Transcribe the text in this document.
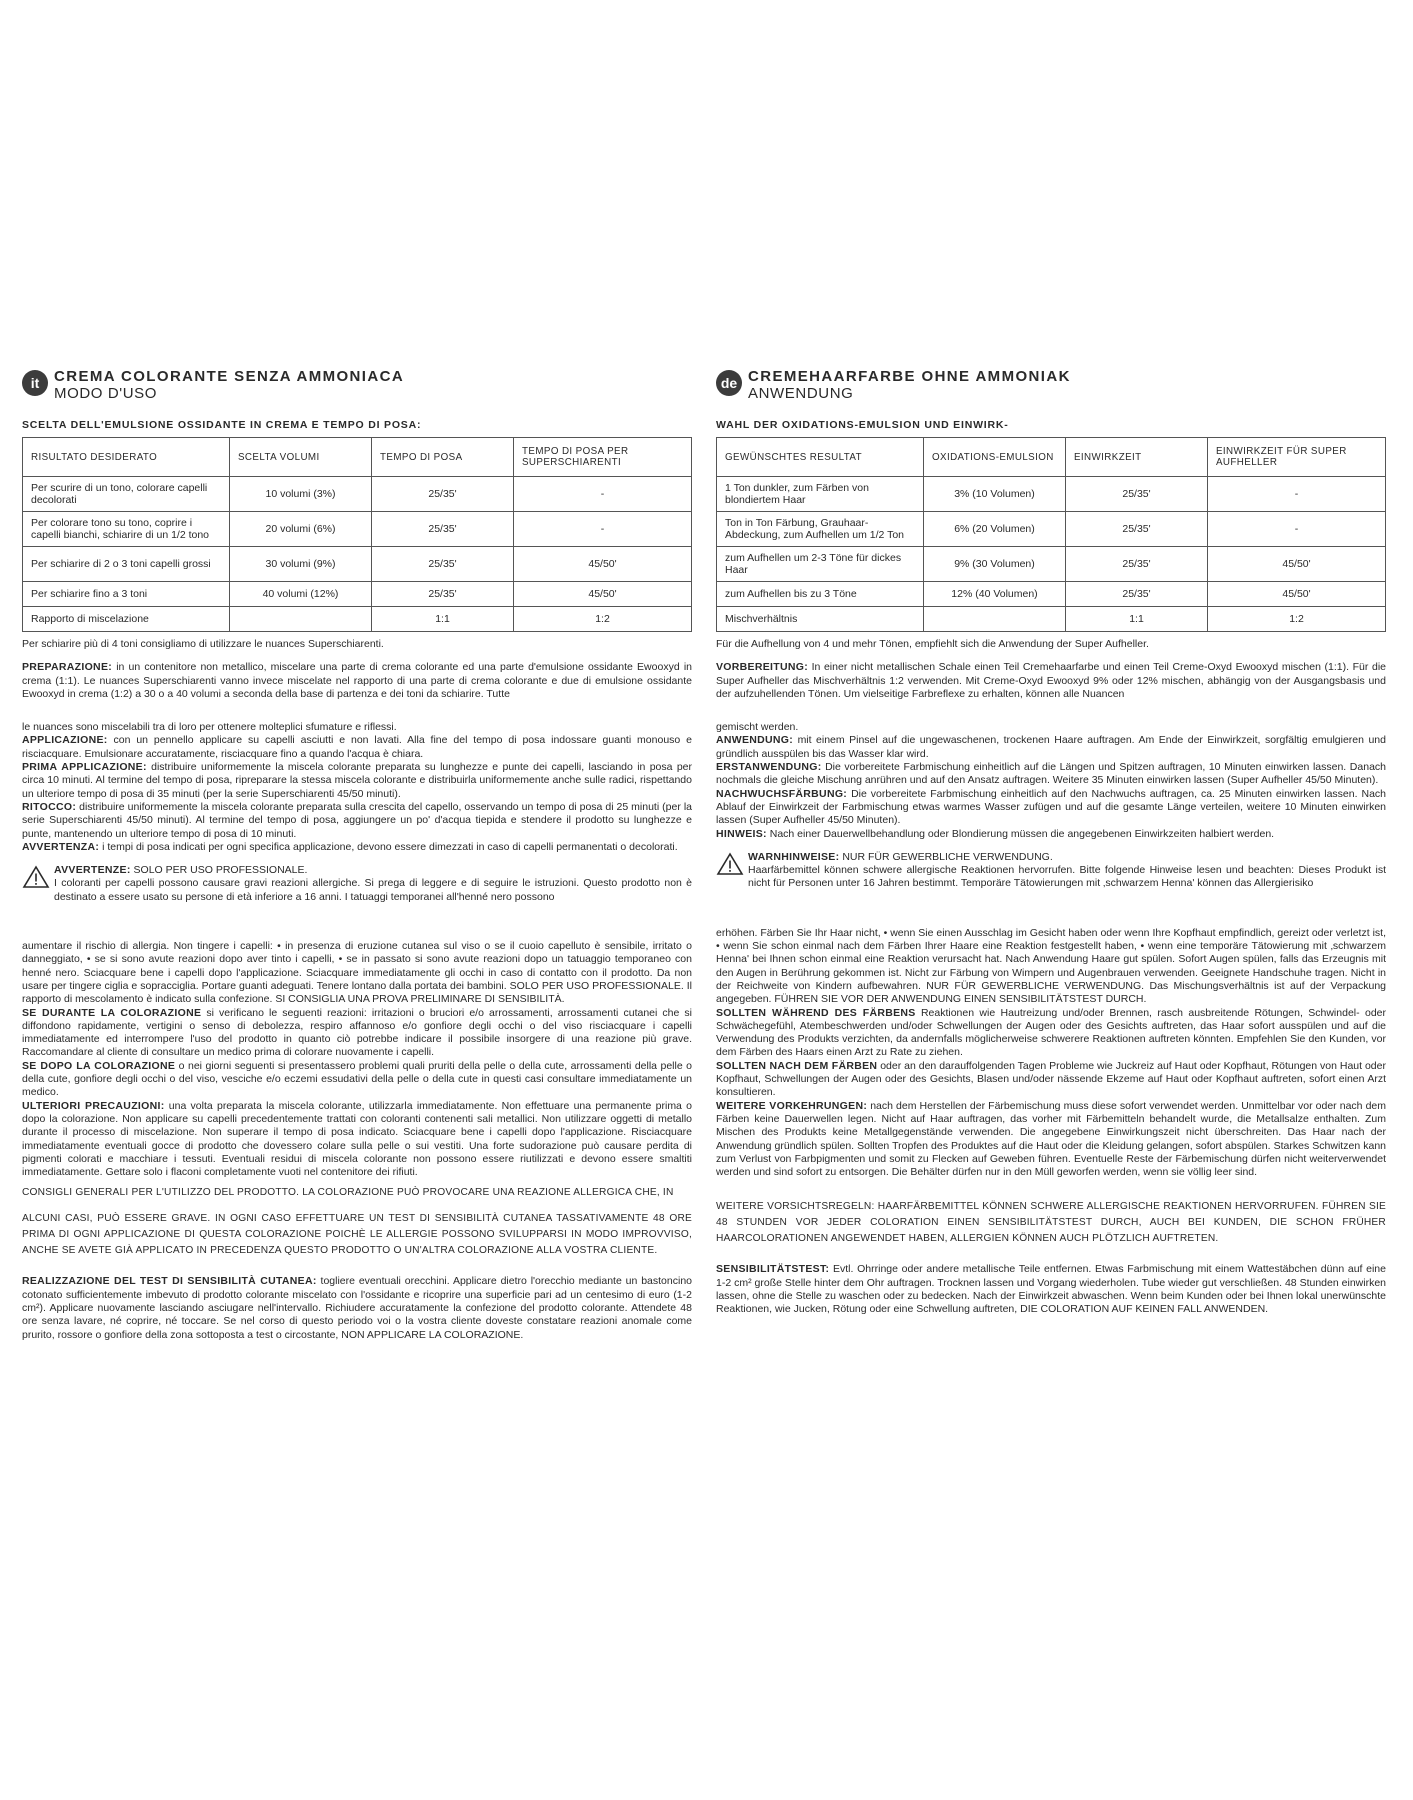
it CREMA COLORANTE SENZA AMMONIACA
MODO D'USO
SCELTA DELL'EMULSIONE OSSIDANTE IN CREMA E TEMPO DI POSA:
RISULTATO DESIDERATO	SCELTA VOLUMI	TEMPO DI POSA	TEMPO DI POSA PER SUPERSCHIARENTI
Per scurire di un tono, colorare capelli decolorati	10 volumi (3%)	25/35'	-
Per colorare tono su tono, coprire i capelli bianchi, schiarire di un 1/2 tono	20 volumi (6%)	25/35'	-
Per schiarire di 2 o 3 toni capelli grossi	30 volumi (9%)	25/35'	45/50'
Per schiarire fino a 3 toni	40 volumi (12%)	25/35'	45/50'
Rapporto di miscelazione		1:1	1:2

Per schiarire più di 4 toni consigliamo di utilizzare le nuances Superschiarenti.

PREPARAZIONE: in un contenitore non metallico, miscelare una parte di crema colorante ed una parte d'emulsione ossidante Ewooxyd in crema (1:1). Le nuances Superschiarenti vanno invece miscelate nel rapporto di una parte di crema colorante e due di emulsione ossidante Ewooxyd in crema (1:2) a 30 o a 40 volumi a seconda della base di partenza e dei toni da schiarire. Tutte

le nuances sono miscelabili tra di loro per ottenere molteplici sfumature e riflessi.

APPLICAZIONE: con un pennello applicare su capelli asciutti e non lavati. Alla fine del tempo di posa indossare guanti monouso e risciacquare. Emulsionare accuratamente, risciacquare fino a quando l'acqua è chiara.

PRIMA APPLICAZIONE: distribuire uniformemente la miscela colorante preparata su lunghezze e punte dei capelli, lasciando in posa per circa 10 minuti. Al termine del tempo di posa, ripreparare la stessa miscela colorante e distribuirla uniformemente anche sulle radici, rispettando un ulteriore tempo di posa di 35 minuti (per la serie Superschiarenti 45/50 minuti).

RITOCCO: distribuire uniformemente la miscela colorante preparata sulla crescita del capello, osservando un tempo di posa di 25 minuti (per la serie Superschiarenti 45/50 minuti). Al termine del tempo di posa, aggiungere un po' d'acqua tiepida e stendere il prodotto su lunghezze e punte, mantenendo un ulteriore tempo di posa di 10 minuti.

AVVERTENZA: i tempi di posa indicati per ogni specifica applicazione, devono essere dimezzati in caso di capelli permanentati o decolorati.

AVVERTENZE: SOLO PER USO PROFESSIONALE.
I coloranti per capelli possono causare gravi reazioni allergiche. Si prega di leggere e di seguire le istruzioni. Questo prodotto non è destinato a essere usato su persone di età inferiore a 16 anni. I tatuaggi temporanei all'henné nero possono

aumentare il rischio di allergia. Non tingere i capelli: • in presenza di eruzione cutanea sul viso o se il cuoio capelluto è sensibile, irritato o danneggiato, • se si sono avute reazioni dopo aver tinto i capelli, • se in passato si sono avute reazioni dopo un tatuaggio temporaneo con henné nero. Sciacquare bene i capelli dopo l'applicazione. Sciacquare immediatamente gli occhi in caso di contatto con il prodotto. Da non usare per tingere ciglia e sopracciglia. Portare guanti adeguati. Tenere lontano dalla portata dei bambini. SOLO PER USO PROFESSIONALE. Il rapporto di mescolamento è indicato sulla confezione. SI CONSIGLIA UNA PROVA PRELIMINARE DI SENSIBILITÀ.

SE DURANTE LA COLORAZIONE si verificano le seguenti reazioni: irritazioni o bruciori e/o arrossamenti, arrossamenti cutanei che si diffondono rapidamente, vertigini o senso di debolezza, respiro affannoso e/o gonfiore degli occhi o del viso risciacquare i capelli immediatamente ed interrompere l'uso del prodotto in quanto ciò potrebbe indicare il possibile insorgere di una reazione più grave. Raccomandare al cliente di consultare un medico prima di colorare nuovamente i capelli.

SE DOPO LA COLORAZIONE o nei giorni seguenti si presentassero problemi quali pruriti della pelle o della cute, arrossamenti della pelle o della cute, gonfiore degli occhi o del viso, vesciche e/o eczemi essudativi della pelle o della cute in questi casi consultare immediatamente un medico.

ULTERIORI PRECAUZIONI: una volta preparata la miscela colorante, utilizzarla immediatamente. Non effettuare una permanente prima o dopo la colorazione. Non applicare su capelli precedentemente trattati con coloranti contenenti sali metallici. Non utilizzare oggetti di metallo durante il processo di miscelazione. Non superare il tempo di posa indicato. Sciacquare bene i capelli dopo l'applicazione. Risciacquare immediatamente eventuali gocce di prodotto che dovessero colare sulla pelle o sui vestiti. Una forte sudorazione può causare perdita di pigmenti colorati e macchiare i tessuti. Eventuali residui di miscela colorante non possono essere riutilizzati e devono essere smaltiti immediatamente. Gettare solo i flaconi completamente vuoti nel contenitore dei rifiuti.

CONSIGLI GENERALI PER L'UTILIZZO DEL PRODOTTO. LA COLORAZIONE PUÒ PROVOCARE UNA REAZIONE ALLERGICA CHE, IN

ALCUNI CASI, PUÒ ESSERE GRAVE. IN OGNI CASO EFFETTUARE UN TEST DI SENSIBILITÀ CUTANEA TASSATIVAMENTE 48 ORE PRIMA DI OGNI APPLICAZIONE DI QUESTA COLORAZIONE POICHÈ LE ALLERGIE POSSONO SVILUPPARSI IN MODO IMPROVVISO, ANCHE SE AVETE GIÀ APPLICATO IN PRECEDENZA QUESTO PRODOTTO O UN'ALTRA COLORAZIONE ALLA VOSTRA CLIENTE.

REALIZZAZIONE DEL TEST DI SENSIBILITÀ CUTANEA: togliere eventuali orecchini. Applicare dietro l'orecchio mediante un bastoncino cotonato sufficientemente imbevuto di prodotto colorante miscelato con l'ossidante e ricoprire una superficie pari ad un centesimo di euro (1-2 cm²). Applicare nuovamente lasciando asciugare nell'intervallo. Richiudere accuratamente la confezione del prodotto colorante. Attendete 48 ore senza lavare, né coprire, né toccare. Se nel corso di questo periodo voi o la vostra cliente doveste constatare reazioni anomale come prurito, rossore o gonfiore della zona sottoposta a test o circostante, NON APPLICARE LA COLORAZIONE.

de CREMEHAARFARBE OHNE AMMONIAK
ANWENDUNG
WAHL DER OXIDATIONS-EMULSION UND EINWIRK-
GEWÜNSCHTES RESULTAT	OXIDATIONS-EMULSION	EINWIRKZEIT	EINWIRKZEIT FÜR SUPER AUFHELLER
1 Ton dunkler, zum Färben von blondiertem Haar	3% (10 Volumen)	25/35'	-
Ton in Ton Färbung, Grauhaar-Abdeckung, zum Aufhellen um 1/2 Ton	6% (20 Volumen)	25/35'	-
zum Aufhellen um 2-3 Töne für dickes Haar	9% (30 Volumen)	25/35'	45/50'
zum Aufhellen bis zu 3 Töne	12% (40 Volumen)	25/35'	45/50'
Mischverhältnis		1:1	1:2

Für die Aufhellung von 4 und mehr Tönen, empfiehlt sich die Anwendung der Super Aufheller.

VORBEREITUNG: In einer nicht metallischen Schale einen Teil Cremehaarfarbe und einen Teil Creme-Oxyd Ewooxyd mischen (1:1). Für die Super Aufheller das Mischverhältnis 1:2 verwenden. Mit Creme-Oxyd Ewooxyd 9% oder 12% mischen, abhängig von der Ausgangsbasis und der aufzuhellenden Tönen. Um vielseitige Farbreflexe zu erhalten, können alle Nuancen

gemischt werden.

ANWENDUNG: mit einem Pinsel auf die ungewaschenen, trockenen Haare auftragen. Am Ende der Einwirkzeit, sorgfältig emulgieren und gründlich ausspülen bis das Wasser klar wird.

ERSTANWENDUNG: Die vorbereitete Farbmischung einheitlich auf die Längen und Spitzen auftragen, 10 Minuten einwirken lassen. Danach nochmals die gleiche Mischung anrühren und auf den Ansatz auftragen. Weitere 35 Minuten einwirken lassen (Super Aufheller 45/50 Minuten).

NACHWUCHSFÄRBUNG: Die vorbereitete Farbmischung einheitlich auf den Nachwuchs auftragen, ca. 25 Minuten einwirken lassen. Nach Ablauf der Einwirkzeit der Farbmischung etwas warmes Wasser zufügen und auf die gesamte Länge verteilen, weitere 10 Minuten einwirken lassen (Super Aufheller 45/50 Minuten).

HINWEIS: Nach einer Dauerwellbehandlung oder Blondierung müssen die angegebenen Einwirkzeiten halbiert werden.

WARNHINWEISE: NUR FÜR GEWERBLICHE VERWENDUNG.
Haarfärbemittel können schwere allergische Reaktionen hervorrufen. Bitte folgende Hinweise lesen und beachten: Dieses Produkt ist nicht für Personen unter 16 Jahren bestimmt. Temporäre Tätowierungen mit ‚schwarzem Henna' können das Allergierisiko

erhöhen. Färben Sie Ihr Haar nicht, • wenn Sie einen Ausschlag im Gesicht haben oder wenn Ihre Kopfhaut empfindlich, gereizt oder verletzt ist, • wenn Sie schon einmal nach dem Färben Ihrer Haare eine Reaktion festgestellt haben, • wenn eine temporäre Tätowierung mit ‚schwarzem Henna' bei Ihnen schon einmal eine Reaktion verursacht hat. Nach Anwendung Haare gut spülen. Sofort Augen spülen, falls das Erzeugnis mit den Augen in Berührung gekommen ist. Nicht zur Färbung von Wimpern und Augenbrauen verwenden. Geeignete Handschuhe tragen. Nicht in der Reichweite von Kindern aufbewahren. NUR FÜR GEWERBLICHE VERWENDUNG. Das Mischungsverhältnis ist auf der Verpackung angegeben. FÜHREN SIE VOR DER ANWENDUNG EINEN SENSIBILITÄTSTEST DURCH.

SOLLTEN WÄHREND DES FÄRBENS Reaktionen wie Hautreizung und/oder Brennen, rasch ausbreitende Rötungen, Schwindel- oder Schwächegefühl, Atembeschwerden und/oder Schwellungen der Augen oder des Gesichts auftreten, das Haar sofort ausspülen und auf die Verwendung des Produkts verzichten, da andernfalls möglicherweise schwerere Reaktionen auftreten könnten. Empfehlen Sie den Kunden, vor dem Färben des Haars einen Arzt zu Rate zu ziehen.

SOLLTEN NACH DEM FÄRBEN oder an den darauffolgenden Tagen Probleme wie Juckreiz auf Haut oder Kopfhaut, Rötungen von Haut oder Kopfhaut, Schwellungen der Augen oder des Gesichts, Blasen und/oder nässende Ekzeme auf Haut oder Kopfhaut auftreten, sofort einen Arzt konsultieren.

WEITERE VORKEHRUNGEN: nach dem Herstellen der Färbemischung muss diese sofort verwendet werden. Unmittelbar vor oder nach dem Färben keine Dauerwellen legen. Nicht auf Haar auftragen, das vorher mit Färbemitteln behandelt wurde, die Metallsalze enthalten. Zum Mischen des Produkts keine Metallgegenstände verwenden. Die angegebene Einwirkungszeit nicht überschreiten. Das Haar nach der Anwendung gründlich spülen. Sollten Tropfen des Produktes auf die Haut oder die Kleidung gelangen, sofort abspülen. Starkes Schwitzen kann zum Verlust von Farbpigmenten und somit zu Flecken auf Geweben führen. Eventuelle Reste der Färbemischung dürfen nicht weiterverwendet werden und sind sofort zu entsorgen. Die Behälter dürfen nur in den Müll geworfen werden, wenn sie völlig leer sind.

WEITERE VORSICHTSREGELN: HAARFÄRBEMITTEL KÖNNEN SCHWERE ALLERGISCHE REAKTIONEN HERVORRUFEN. FÜHREN SIE 48 STUNDEN VOR JEDER COLORATION EINEN SENSIBILITÄTSTEST DURCH, AUCH BEI KUNDEN, DIE SCHON FRÜHER HAARCOLORATIONEN ANGEWENDET HABEN, ALLERGIEN KÖNNEN AUCH PLÖTZLICH AUFTRETEN.

SENSIBILITÄTSTEST: Evtl. Ohrringe oder andere metallische Teile entfernen. Etwas Farbmischung mit einem Wattestäbchen dünn auf eine 1-2 cm² große Stelle hinter dem Ohr auftragen. Trocknen lassen und Vorgang wiederholen. Tube wieder gut verschließen. 48 Stunden einwirken lassen, ohne die Stelle zu waschen oder zu bedecken. Nach der Einwirkzeit abwaschen. Wenn beim Kunden oder bei Ihnen lokal unerwünschte Reaktionen, wie Jucken, Rötung oder eine Schwellung auftreten, DIE COLORATION AUF KEINEN FALL ANWENDEN.
